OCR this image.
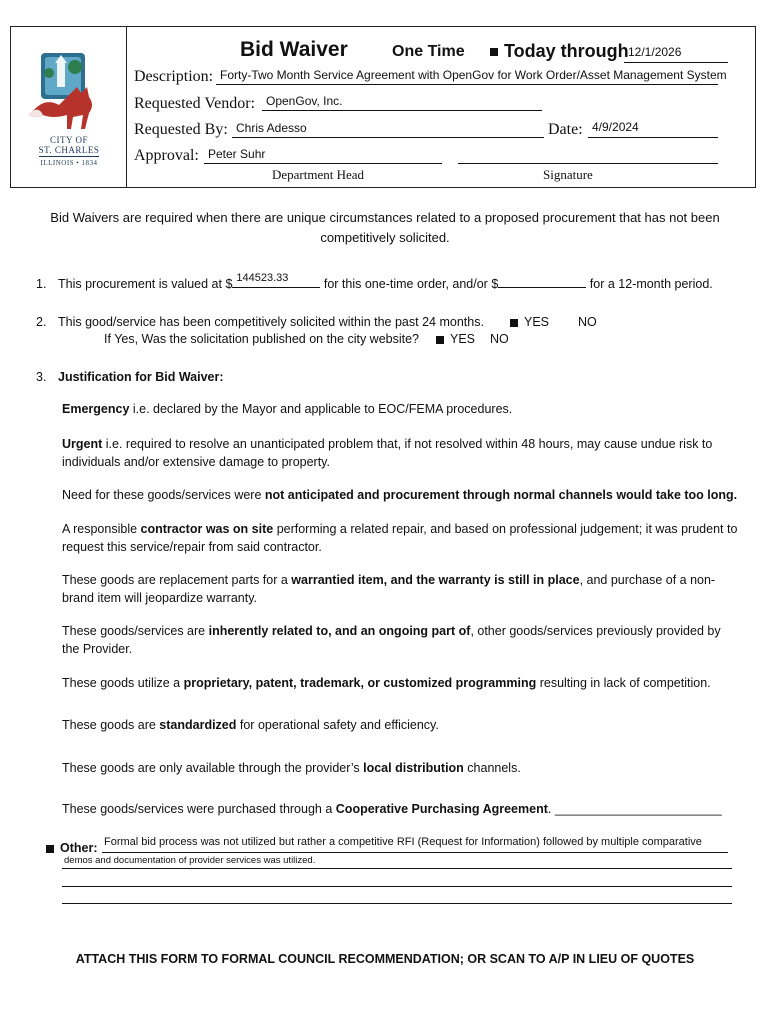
CITY OF
ST. CHARLES
ILLINOIS • 1834
Bid Waiver	One Time	Today through 12/1/2026
Description: Forty-Two Month Service Agreement with OpenGov for Work Order/Asset Management System
Requested Vendor: OpenGov, Inc.
Requested By: Chris Adesso	Date: 4/9/2024
Approval: Peter Suhr
Department Head	Signature
Bid Waivers are required when there are unique circumstances related to a proposed procurement that has not been competitively solicited.
1. This procurement is valued at $ 144523.33	for this one-time order, and/or $	for a 12-month period.
2. This good/service has been competitively solicited within the past 24 months.	YES NO
If Yes, Was the solicitation published on the city website?	YES NO
3. Justification for Bid Waiver:
Emergency i.e. declared by the Mayor and applicable to EOC/FEMA procedures.
Urgent i.e. required to resolve an unanticipated problem that, if not resolved within 48 hours, may cause undue risk to individuals and/or extensive damage to property.
Need for these goods/services were not anticipated and procurement through normal channels would take too long.
A responsible contractor was on site performing a related repair, and based on professional judgement; it was prudent to request this service/repair from said contractor.
These goods are replacement parts for a warrantied item, and the warranty is still in place, and purchase of a non-brand item will jeopardize warranty.
These goods/services are inherently related to, and an ongoing part of, other goods/services previously provided by the Provider.
These goods utilize a proprietary, patent, trademark, or customized programming resulting in lack of competition.
These goods are standardized for operational safety and efficiency.
These goods are only available through the provider’s local distribution channels.
These goods/services were purchased through a Cooperative Purchasing Agreement. ________________________
Other: Formal bid process was not utilized but rather a competitive RFI (Request for Information) followed by multiple comparative
demos and documentation of provider services was utilized.
ATTACH THIS FORM TO FORMAL COUNCIL RECOMMENDATION; OR SCAN TO A/P IN LIEU OF QUOTES
